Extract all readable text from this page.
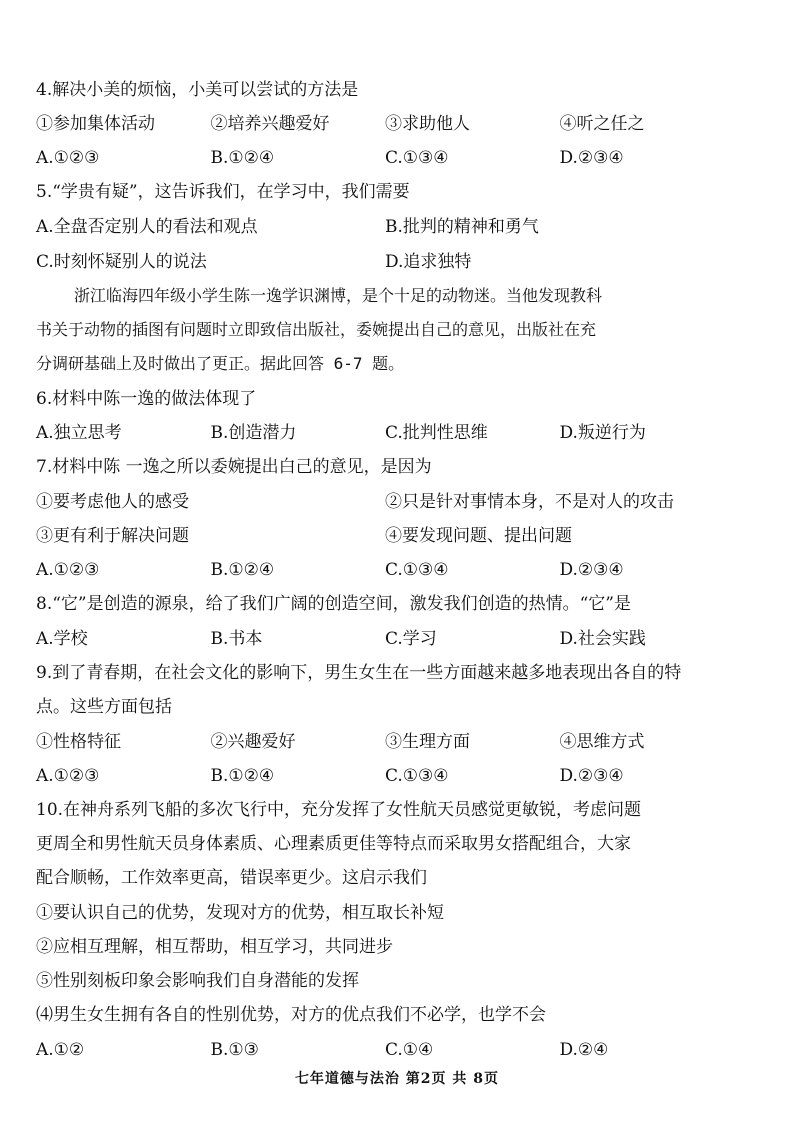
4.解决小美的烦恼，小美可以尝试的方法是
①参加集体活动	②培养兴趣爱好	③求助他人	④听之任之
A.①②③	B.①②④	C.①③④	D.②③④
5.“学贵有疑”，这告诉我们，在学习中，我们需要
A.全盘否定别人的看法和观点	B.批判的精神和勇气
C.时刻怀疑别人的说法	D.追求独特
浙江临海四年级小学生陈一逸学识渊博，是个十足的动物迷。当他发现教科
书关于动物的插图有问题时立即致信出版社，委婉提出自己的意见，出版社在充
分调研基础上及时做出了更正。据此回答 6-7 题。
6.材料中陈一逸的做法体现了
A.独立思考	B.创造潜力	C.批判性思维	D.叛逆行为
7.材料中陈 一逸之所以委婉提出白己的意见，是因为
①要考虑他人的感受	②只是针对事情本身，不是对人的攻击
③更有利于解决问题	④要发现问题、提出问题
A.①②③	B.①②④	C.①③④	D.②③④
8.“它”是创造的源泉，给了我们广阔的创造空间，激发我们创造的热情。“它”是
A.学校	B.书本	C.学习	D.社会实践
9.到了青春期，在社会文化的影响下，男生女生在一些方面越来越多地表现出各自的特
点。这些方面包括
①性格特征	②兴趣爱好	③生理方面	④思维方式
A.①②③	B.①②④	C.①③④	D.②③④
10.在神舟系列飞船的多次飞行中，充分发挥了女性航天员感觉更敏锐，考虑问题
更周全和男性航天员身体素质、心理素质更佳等特点而采取男女搭配组合，大家
配合顺畅，工作效率更高，错误率更少。这启示我们
①要认识自己的优势，发现对方的优势，相互取长补短
②应相互理解，相互帮助，相互学习，共同进步
⑤性别刻板印象会影响我们自身潜能的发挥
⑷男生女生拥有各自的性别优势，对方的优点我们不必学，也学不会
A.①②	B.①③	C.①④	D.②④
七年道德与法治 第2页 共 8页
